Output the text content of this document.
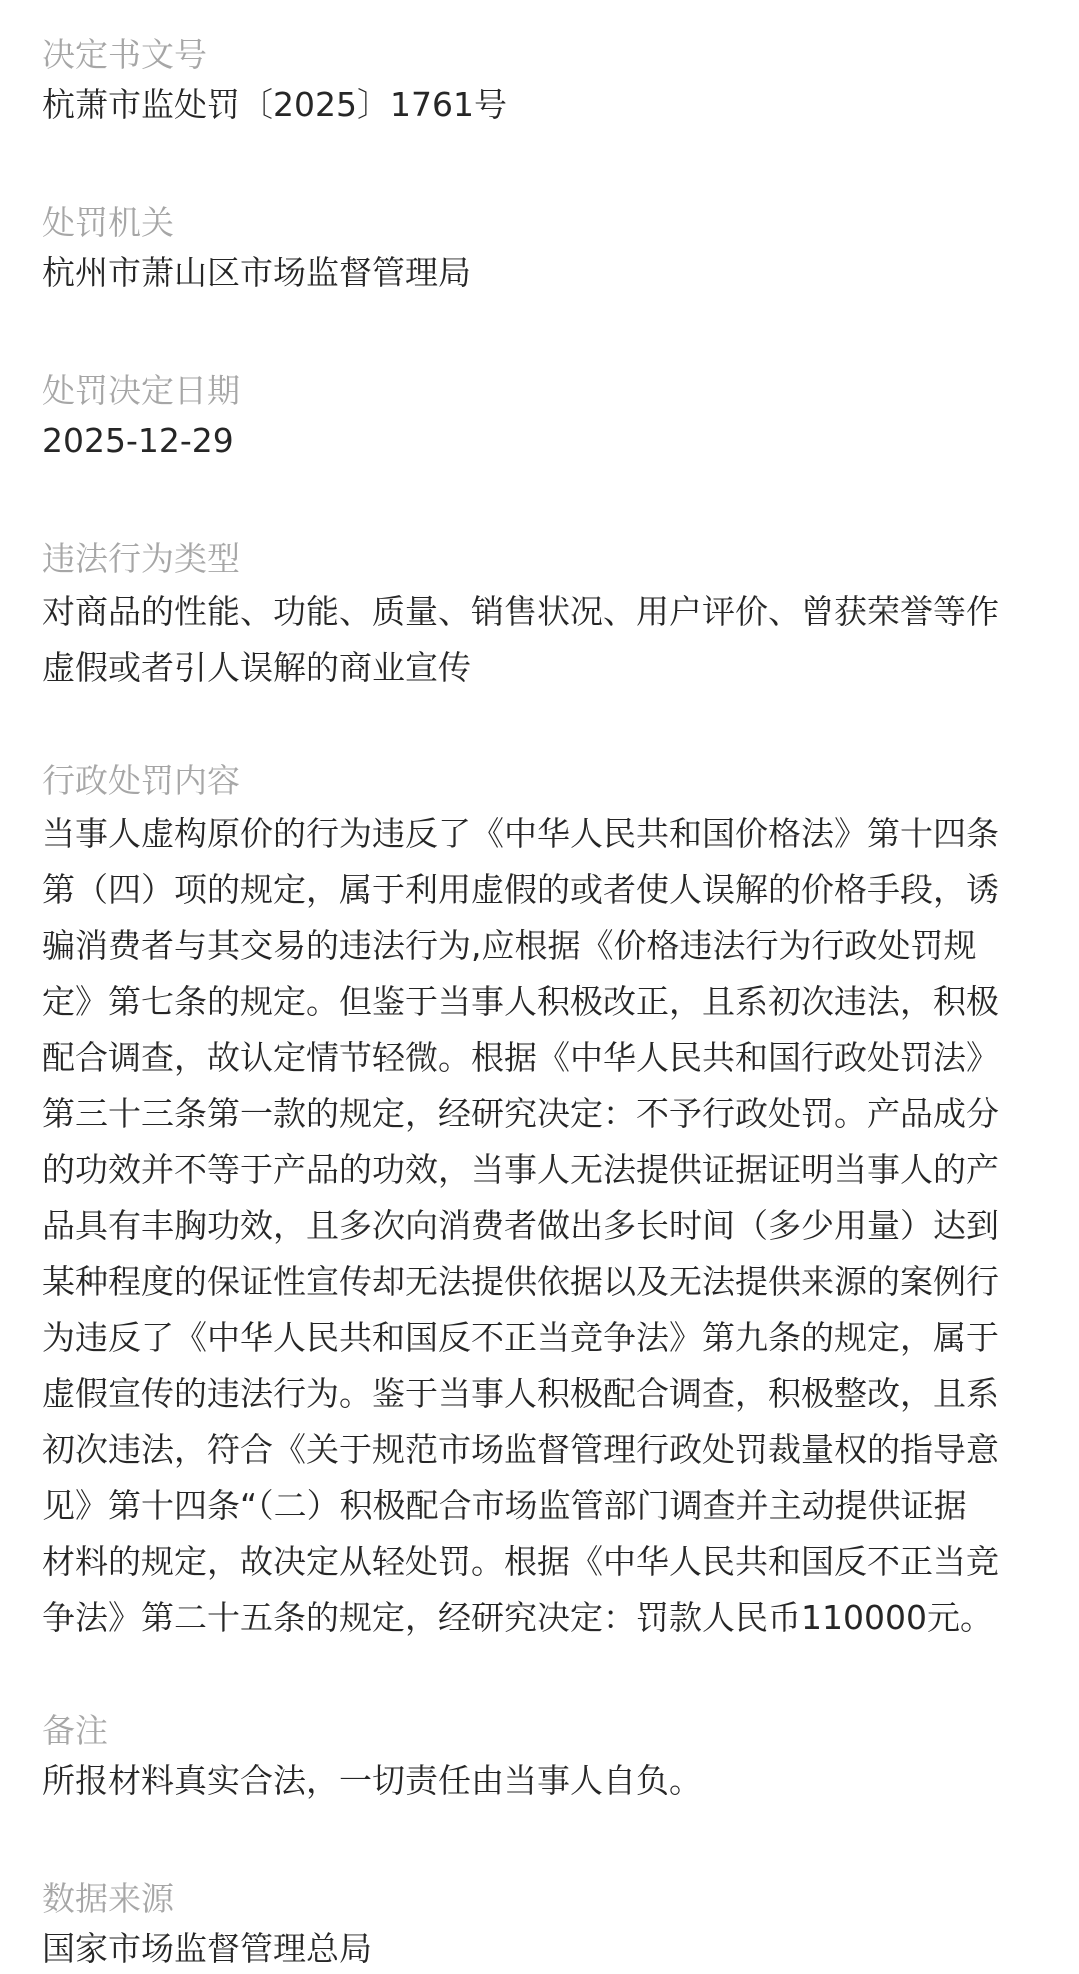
决定书文号
杭萧市监处罚〔2025〕1761号
处罚机关
杭州市萧山区市场监督管理局
处罚决定日期
2025-12-29
违法行为类型
对商品的性能、功能、质量、销售状况、用户评价、曾获荣誉等作
虚假或者引人误解的商业宣传
行政处罚内容
当事人虚构原价的行为违反了《中华人民共和国价格法》第十四条
第（四）项的规定，属于利用虚假的或者使人误解的价格手段，诱
骗消费者与其交易的违法行为,应根据《价格违法行为行政处罚规
定》第七条的规定。但鉴于当事人积极改正，且系初次违法，积极
配合调查，故认定情节轻微。根据《中华人民共和国行政处罚法》
第三十三条第一款的规定，经研究决定：不予行政处罚。产品成分
的功效并不等于产品的功效，当事人无法提供证据证明当事人的产
品具有丰胸功效，且多次向消费者做出多长时间（多少用量）达到
某种程度的保证性宣传却无法提供依据以及无法提供来源的案例行
为违反了《中华人民共和国反不正当竞争法》第九条的规定，属于
虚假宣传的违法行为。鉴于当事人积极配合调查，积极整改，且系
初次违法，符合《关于规范市场监督管理行政处罚裁量权的指导意
见》第十四条“（二）积极配合市场监管部门调查并主动提供证据
材料的规定，故决定从轻处罚。根据《中华人民共和国反不正当竞
争法》第二十五条的规定，经研究决定：罚款人民币110000元。
备注
所报材料真实合法，一切责任由当事人自负。
数据来源
国家市场监督管理总局
